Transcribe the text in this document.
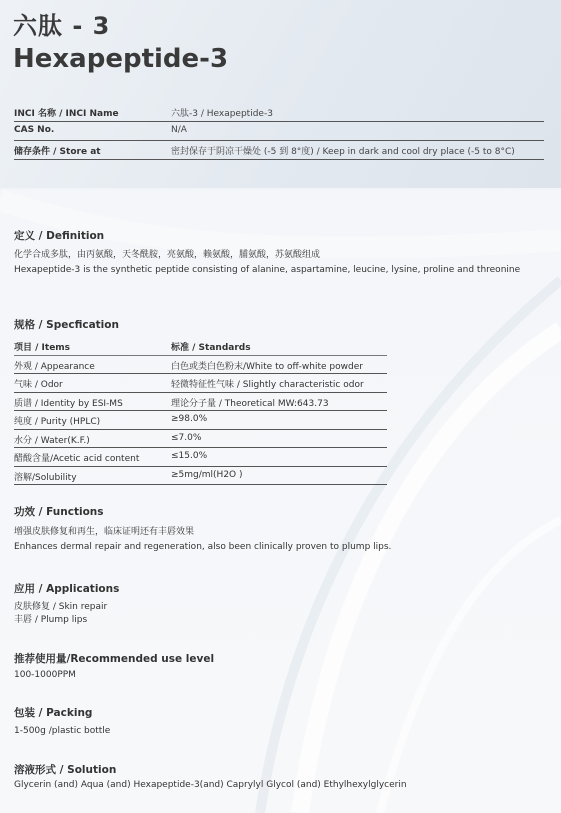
六肽 - 3
Hexapeptide-3
INCI 名称 / INCI Name	六肽-3 / Hexapeptide-3
CAS No.	N/A
储存条件 / Store at	密封保存于阴凉干燥处 (-5 到 8°度) / Keep in dark and cool dry place (-5 to 8°C)
定义 / Definition
化学合成多肽，由丙氨酸，天冬酰胺，亮氨酸，赖氨酸，脯氨酸，苏氨酸组成
Hexapeptide-3 is the synthetic peptide consisting of alanine, aspartamine, leucine, lysine, proline and threonine
规格 / Specfication
项目 / Items	标准 / Standards
外观 / Appearance	白色或类白色粉末/White to off-white powder
气味 / Odor	轻微特征性气味 / Slightly characteristic odor
质谱 / Identity by ESI-MS	理论分子量 / Theoretical MW:643.73
纯度 / Purity (HPLC)	≥98.0%
水分 / Water(K.F.)	≤7.0%
醋酸含量/Acetic acid content	≤15.0%
溶解/Solubility	≥5mg/ml(H2O )
功效 / Functions
增强皮肤修复和再生，临床证明还有丰唇效果
Enhances dermal repair and regeneration, also been clinically proven to plump lips.
应用 / Applications
皮肤修复 / Skin repair
丰唇 / Plump lips
推荐使用量/Recommended use level
100-1000PPM
包装 / Packing
1-500g /plastic bottle
溶液形式 / Solution
Glycerin (and) Aqua (and) Hexapeptide-3(and) Caprylyl Glycol (and) Ethylhexylglycerin
